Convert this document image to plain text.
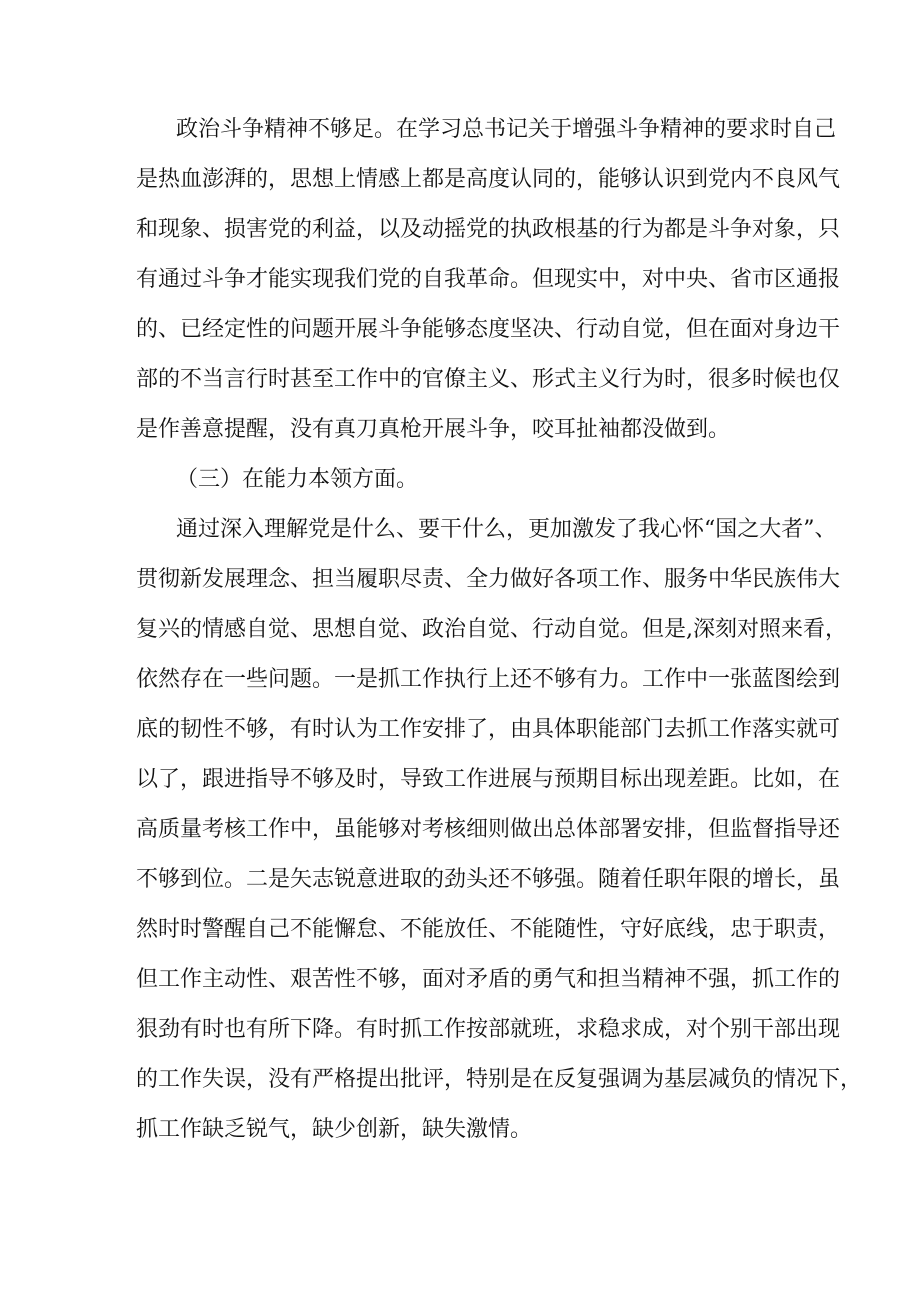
政治斗争精神不够足。在学习总书记关于增强斗争精神的要求时自己
是热血澎湃的，思想上情感上都是高度认同的，能够认识到党内不良风气
和现象、损害党的利益，以及动摇党的执政根基的行为都是斗争对象，只
有通过斗争才能实现我们党的自我革命。但现实中，对中央、省市区通报
的、已经定性的问题开展斗争能够态度坚决、行动自觉，但在面对身边干
部的不当言行时甚至工作中的官僚主义、形式主义行为时，很多时候也仅
是作善意提醒，没有真刀真枪开展斗争，咬耳扯袖都没做到。
（三）在能力本领方面。
通过深入理解党是什么、要干什么，更加激发了我心怀“国之大者”、
贯彻新发展理念、担当履职尽责、全力做好各项工作、服务中华民族伟大
复兴的情感自觉、思想自觉、政治自觉、行动自觉。但是,深刻对照来看，
依然存在一些问题。一是抓工作执行上还不够有力。工作中一张蓝图绘到
底的韧性不够，有时认为工作安排了，由具体职能部门去抓工作落实就可
以了，跟进指导不够及时，导致工作进展与预期目标出现差距。比如，在
高质量考核工作中，虽能够对考核细则做出总体部署安排，但监督指导还
不够到位。二是矢志锐意进取的劲头还不够强。随着任职年限的增长，虽
然时时警醒自己不能懈怠、不能放任、不能随性，守好底线，忠于职责，
但工作主动性、艰苦性不够，面对矛盾的勇气和担当精神不强，抓工作的
狠劲有时也有所下降。有时抓工作按部就班，求稳求成，对个别干部出现
的工作失误，没有严格提出批评，特别是在反复强调为基层减负的情况下，
抓工作缺乏锐气，缺少创新，缺失激情。
